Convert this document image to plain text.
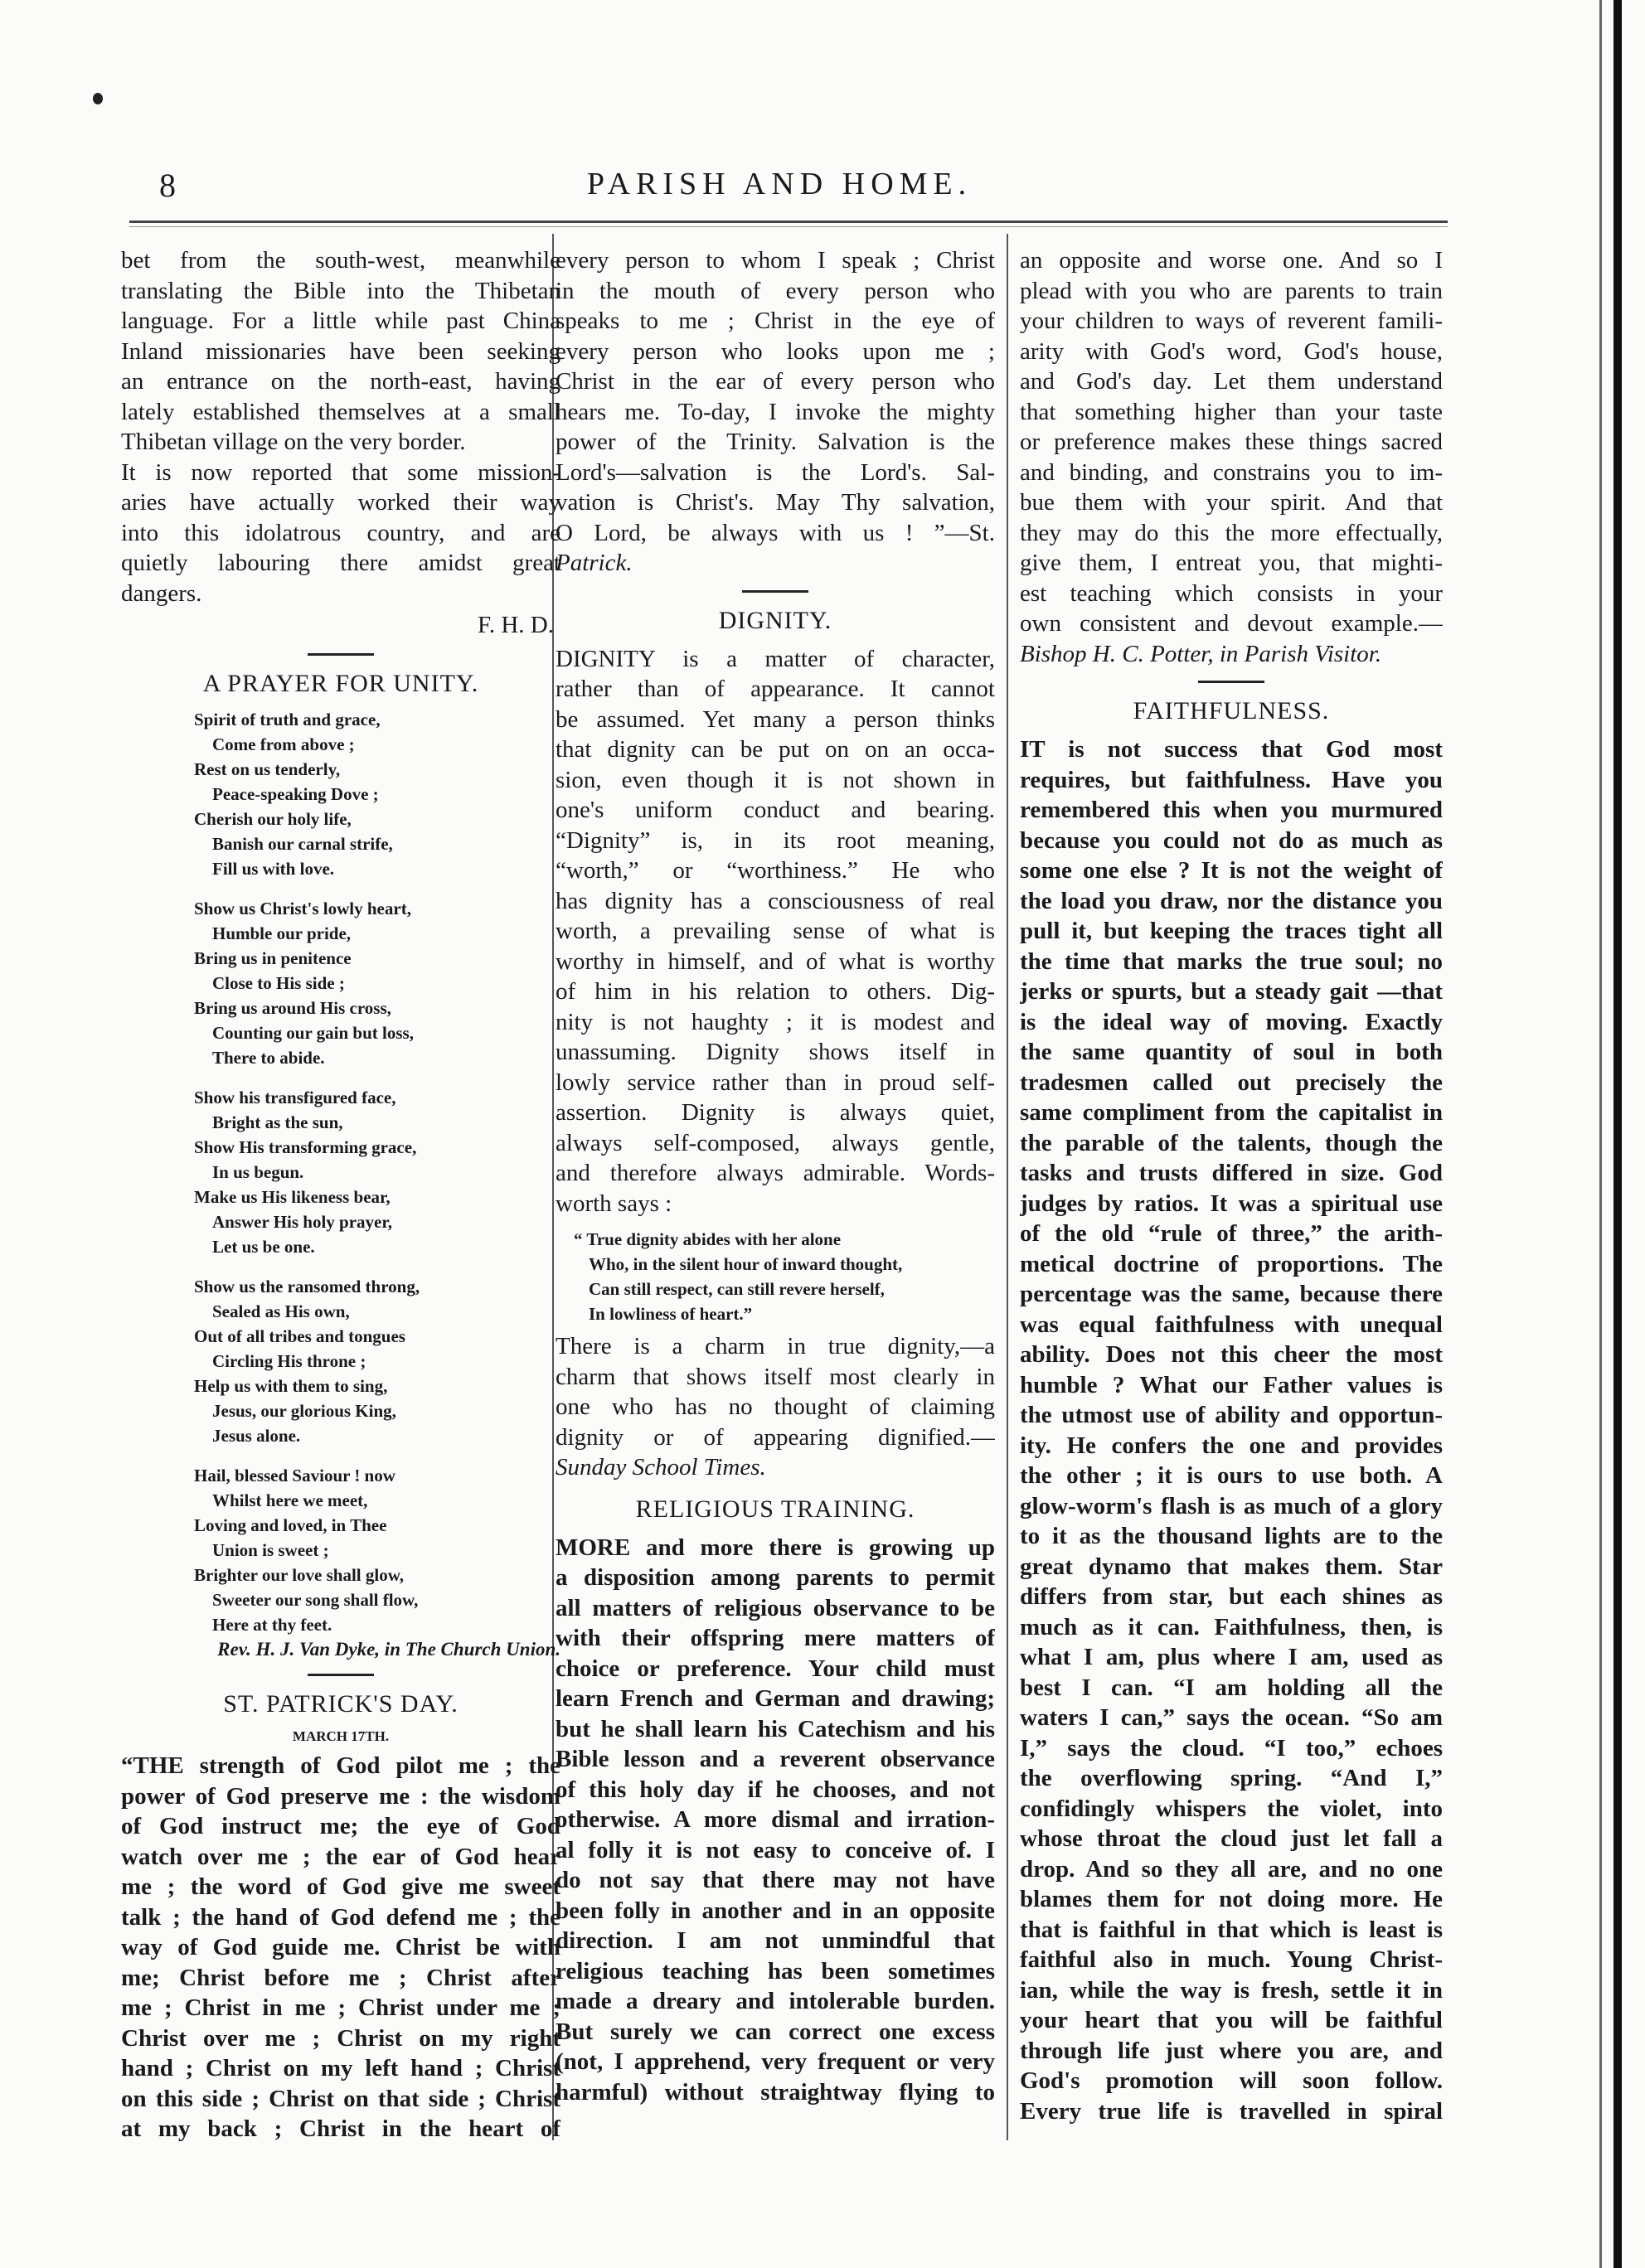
8	PARISH AND HOME.
bet from the south-west, meanwhile
translating the Bible into the Thibetan
language. For a little while past China
Inland missionaries have been seeking
an entrance on the north-east, having
lately established themselves at a small
Thibetan village on the very border.
It is now reported that some mission-
aries have actually worked their way
into this idolatrous country, and are
quietly labouring there amidst great
dangers.
F. H. D.
A PRAYER FOR UNITY.
Spirit of truth and grace,
Come from above ;
Rest on us tenderly,
Peace-speaking Dove ;
Cherish our holy life,
Banish our carnal strife,
Fill us with love.
Show us Christ's lowly heart,
Humble our pride,
Bring us in penitence
Close to His side ;
Bring us around His cross,
Counting our gain but loss,
There to abide.
Show his transfigured face,
Bright as the sun,
Show His transforming grace,
In us begun.
Make us His likeness bear,
Answer His holy prayer,
Let us be one.
Show us the ransomed throng,
Sealed as His own,
Out of all tribes and tongues
Circling His throne ;
Help us with them to sing,
Jesus, our glorious King,
Jesus alone.
Hail, blessed Saviour ! now
Whilst here we meet,
Loving and loved, in Thee
Union is sweet ;
Brighter our love shall glow,
Sweeter our song shall flow,
Here at thy feet.
Rev. H. J. Van Dyke, in The Church Union.
ST. PATRICK'S DAY.
MARCH 17TH.
“THE strength of God pilot me ; the
power of God preserve me : the wisdom
of God instruct me; the eye of God
watch over me ; the ear of God hear
me ; the word of God give me sweet
talk ; the hand of God defend me ; the
way of God guide me. Christ be with
me; Christ before me ; Christ after
me ; Christ in me ; Christ under me ;
Christ over me ; Christ on my right
hand ; Christ on my left hand ; Christ
on this side ; Christ on that side ; Christ
at my back ; Christ in the heart of
every person to whom I speak ; Christ
in the mouth of every person who
speaks to me ; Christ in the eye of
every person who looks upon me ;
Christ in the ear of every person who
hears me. To-day, I invoke the mighty
power of the Trinity. Salvation is the
Lord's—salvation is the Lord's. Sal-
vation is Christ's. May Thy salvation,
O Lord, be always with us ! ”—St.
Patrick.
DIGNITY.
DIGNITY is a matter of character,
rather than of appearance. It cannot
be assumed. Yet many a person thinks
that dignity can be put on on an occa-
sion, even though it is not shown in
one's uniform conduct and bearing.
“Dignity” is, in its root meaning,
“worth,” or “worthiness.” He who
has dignity has a consciousness of real
worth, a prevailing sense of what is
worthy in himself, and of what is worthy
of him in his relation to others. Dig-
nity is not haughty ; it is modest and
unassuming. Dignity shows itself in
lowly service rather than in proud self-
assertion. Dignity is always quiet,
always self-composed, always gentle,
and therefore always admirable. Words-
worth says :
“ True dignity abides with her alone
Who, in the silent hour of inward thought,
Can still respect, can still revere herself,
In lowliness of heart.”
There is a charm in true dignity,—a
charm that shows itself most clearly in
one who has no thought of claiming
dignity or of appearing dignified.—
Sunday School Times.
RELIGIOUS TRAINING.
MORE and more there is growing up
a disposition among parents to permit
all matters of religious observance to be
with their offspring mere matters of
choice or preference. Your child must
learn French and German and drawing;
but he shall learn his Catechism and his
Bible lesson and a reverent observance
of this holy day if he chooses, and not
otherwise. A more dismal and irration-
al folly it is not easy to conceive of. I
do not say that there may not have
been folly in another and in an opposite
direction. I am not unmindful that
religious teaching has been sometimes
made a dreary and intolerable burden.
But surely we can correct one excess
(not, I apprehend, very frequent or very
harmful) without straightway flying to
an opposite and worse one. And so I
plead with you who are parents to train
your children to ways of reverent famili-
arity with God's word, God's house,
and God's day. Let them understand
that something higher than your taste
or preference makes these things sacred
and binding, and constrains you to im-
bue them with your spirit. And that
they may do this the more effectually,
give them, I entreat you, that mighti-
est teaching which consists in your
own consistent and devout example.—
Bishop H. C. Potter, in Parish Visitor.
FAITHFULNESS.
IT is not success that God most
requires, but faithfulness. Have you
remembered this when you murmured
because you could not do as much as
some one else ? It is not the weight of
the load you draw, nor the distance you
pull it, but keeping the traces tight all
the time that marks the true soul; no
jerks or spurts, but a steady gait —that
is the ideal way of moving. Exactly
the same quantity of soul in both
tradesmen called out precisely the
same compliment from the capitalist in
the parable of the talents, though the
tasks and trusts differed in size. God
judges by ratios. It was a spiritual use
of the old “rule of three,” the arith-
metical doctrine of proportions. The
percentage was the same, because there
was equal faithfulness with unequal
ability. Does not this cheer the most
humble ? What our Father values is
the utmost use of ability and opportun-
ity. He confers the one and provides
the other ; it is ours to use both. A
glow-worm's flash is as much of a glory
to it as the thousand lights are to the
great dynamo that makes them. Star
differs from star, but each shines as
much as it can. Faithfulness, then, is
what I am, plus where I am, used as
best I can. “I am holding all the
waters I can,” says the ocean. “So am
I,” says the cloud. “I too,” echoes
the overflowing spring. “And I,”
confidingly whispers the violet, into
whose throat the cloud just let fall a
drop. And so they all are, and no one
blames them for not doing more. He
that is faithful in that which is least is
faithful also in much. Young Christ-
ian, while the way is fresh, settle it in
your heart that you will be faithful
through life just where you are, and
God's promotion will soon follow.
Every true life is travelled in spiral
